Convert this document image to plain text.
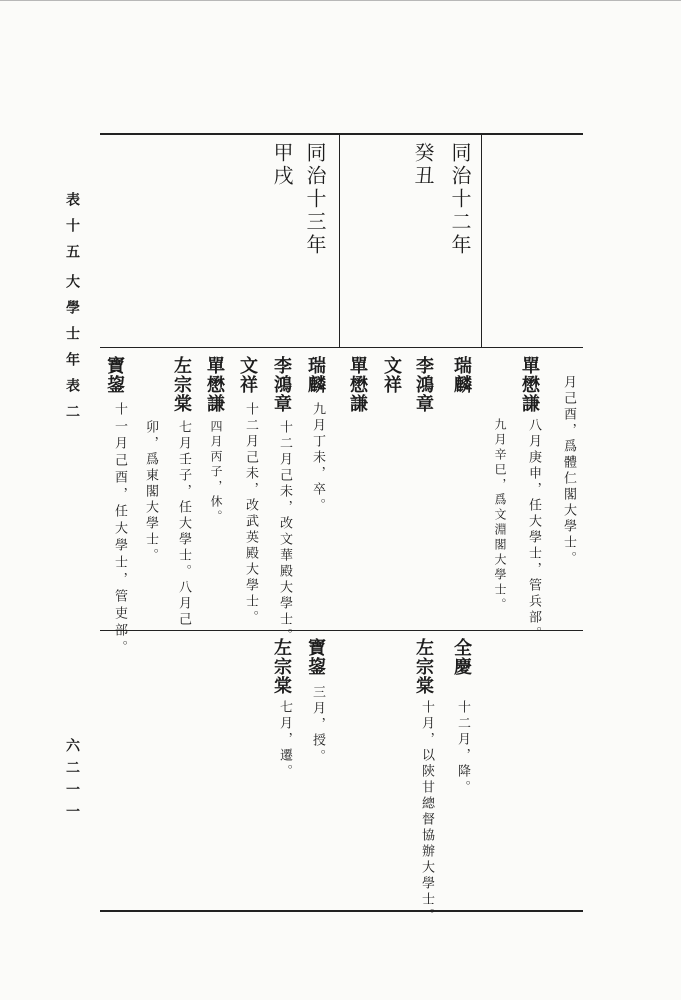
表十五
大學士年表二
六二一一
月己酉，爲體仁閣大學士。
同治十二年
癸丑
單懋謙
八月庚申，任大學士，管兵部。
九月辛巳，爲文淵閣大學士。
瑞麟
李鴻章
文祥
單懋謙
全慶
十二月，降。
左宗棠
十月，以陝甘總督協辦大學士。
同治十三年
甲戌
瑞麟
九月丁未，卒。
李鴻章
十二月己未，改文華殿大學士。
文祥
十二月己未，改武英殿大學士。
單懋謙
四月丙子，休。
左宗棠
七月壬子，任大學士。八月己
卯，爲東閣大學士。
寶鋆
十一月己酉，任大學士，管吏部。	寶鋆
三月，授。
左宗棠
七月，遷。
